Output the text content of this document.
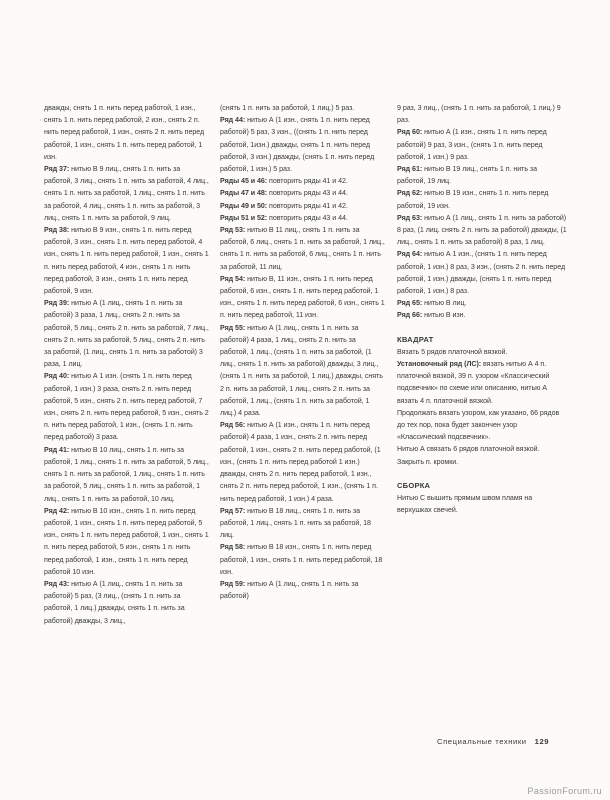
дважды, снять 1 п. нить перед работой, 1 изн., снять 1 п. нить перед работой, 2 изн., снять 2 п. нить перед работой, 1 изн., снять 2 п. нить перед работой, 1 изн., снять 1 п. нить перед работой, 1 изн.

Ряд 37: нитью В 9 лиц., снять 1 п. нить за работой, 3 лиц., снять 1 п. нить за работой, 4 лиц., снять 1 п. нить за работой, 1 лиц., снять 1 п. нить за работой, 4 лиц., снять 1 п. нить за работой, 3 лиц., снять 1 п. нить за работой, 9 лиц.

Ряд 38: нитью В 9 изн., снять 1 п. нить перед работой, 3 изн., снять 1 п. нить перед работой, 4 изн., снять 1 п. нить перед работой, 1 изн., снять 1 п. нить перед работой, 4 изн., снять 1 п. нить перед работой, 3 изн., снять 1 п. нить перед работой, 9 изн.

Ряд 39: нитью А (1 лиц., снять 1 п. нить за работой) 3 раза, 1 лиц., снять 2 п. нить за работой, 5 лиц., снять 2 п. нить за работой, 7 лиц., снять 2 п. нить за работой, 5 лиц., снять 2 п. нить за работой, (1 лиц., снять 1 п. нить за работой) 3 раза, 1 лиц.

Ряд 40: нитью А 1 изн. (снять 1 п. нить перед работой, 1 изн.) 3 раза, снять 2 п. нить перед работой, 5 изн., снять 2 п. нить перед работой, 7 изн., снять 2 п. нить перед работой, 5 изн., снять 2 п. нить перед работой, 1 изн., (снять 1 п. нить перед работой) 3 раза.

Ряд 41: нитью В 10 лиц., снять 1 п. нить за работой, 1 лиц., снять 1 п. нить за работой, 5 лиц., снять 1 п. нить за работой, 1 лиц., снять 1 п. нить за работой, 5 лиц., снять 1 п. нить за работой, 1 лиц., снять 1 п. нить за работой, 10 лиц.

Ряд 42: нитью В 10 изн., снять 1 п. нить перед работой, 1 изн., снять 1 п. нить перед работой, 5 изн., снять 1 п. нить перед работой, 1 изн., снять 1 п. нить перед работой, 5 изн., снять 1 п. нить перед работой, 1 изн., снять 1 п. нить перед работой 10 изн.

Ряд 43: нитью А (1 лиц., снять 1 п. нить за работой) 5 раз, (3 лиц., (снять 1 п. нить за работой, 1 лиц.) дважды, снять 1 п. нить за работой) дважды, 3 лиц.,

(снять 1 п. нить за работой, 1 лиц.) 5 раз.

Ряд 44: нитью А (1 изн., снять 1 п. нить перед работой) 5 раз, 3 изн., ((снять 1 п. нить перед работой, 1изн.) дважды, снять 1 п. нить перед работой, 3 изн.) дважды, (снять 1 п. нить перед работой, 1 изн.) 5 раз.

Ряды 45 и 46: повторить ряды 41 и 42.

Ряды 47 и 48: повторить ряды 43 и 44.

Ряды 49 и 50: повторить ряды 41 и 42.

Ряды 51 и 52: повторить ряды 43 и 44.

Ряд 53: нитью В 11 лиц., снять 1 п. нить за работой, 6 лиц., снять 1 п. нить за работой, 1 лиц., снять 1 п. нить за работой, 6 лиц., снять 1 п. нить за работой, 11 лиц.

Ряд 54: нитью В, 11 изн., снять 1 п. нить перед работой, 6 изн., снять 1 п. нить перед работой, 1 изн., снять 1 п. нить перед работой, 6 изн., снять 1 п. нить перед работой, 11 изн.

Ряд 55: нитью А (1 лиц., снять 1 п. нить за работой) 4 раза, 1 лиц., снять 2 п. нить за работой, 1 лиц., (снять 1 п. нить за работой, (1 лиц., снять 1 п. нить за работой) дважды, 3 лиц., (снять 1 п. нить за работой, 1 лиц.) дважды, снять 2 п. нить за работой, 1 лиц., снять 2 п. нить за работой, 1 лиц., (снять 1 п. нить за работой, 1 лиц.) 4 раза.

Ряд 56: нитью А (1 изн., снять 1 п. нить перед работой) 4 раза, 1 изн., снять 2 п. нить перед работой, 1 изн., снять 2 п. нить перед работой, (1 изн., (снять 1 п. нить перед работой 1 изн.) дважды, снять 2 п. нить перед работой, 1 изн., снять 2 п. нить перед работой, 1 изн., (снять 1 п. нить перед работой, 1 изн.) 4 раза.

Ряд 57: нитью В 18 лиц., снять 1 п. нить за работой, 1 лиц., снять 1 п. нить за работой, 18 лиц.

Ряд 58: нитью В 18 изн., снять 1 п. нить перед работой, 1 изн., снять 1 п. нить перед работой, 18 изн.

Ряд 59: нитью А (1 лиц., снять 1 п. нить за работой)

9 раз, 3 лиц., (снять 1 п. нить за работой, 1 лиц.) 9 раз.

Ряд 60: нитью А (1 изн., снять 1 п. нить перед работой) 9 раз, 3 изн., (снять 1 п. нить перед работой, 1 изн.) 9 раз.

Ряд 61: нитью В 19 лиц., снять 1 п. нить за работой, 19 лиц.

Ряд 62: нитью В 19 изн., снять 1 п. нить перед работой, 19 изн.

Ряд 63: нитью А (1 лиц., снять 1 п. нить за работой) 8 раз, (1 лиц. снять 2 п. нить за работой) дважды, (1 лиц., снять 1 п. нить за работой) 8 раз, 1 лиц.

Ряд 64: нитью А 1 изн., (снять 1 п. нить перед работой, 1 изн.) 8 раз, 3 изн., (снять 2 п. нить перед работой, 1 изн.) дважды, (снять 1 п. нить перед работой, 1 изн.) 8 раз.

Ряд 65: нитью В лиц.

Ряд 66: нитью В изн.

КВАДРАТ

Вязать 5 рядов платочной вязкой.

Установочный ряд (ЛС): вязать нитью А 4 п. платочной вязкой, 39 п. узором «Классический подсвечник» по схеме или описанию, нитью А вязать 4 п. платочной вязкой.

Продолжать вязать узором, как указано, 66 рядов до тех пор, пока будет закончен узор «Классический подсвечник».

Нитью А связать 6 рядов платочной вязкой.

Закрыть п. кромки.

СБОРКА

Нитью С вышить прямым швом пламя на верхушках свечей.

Специальные техники 129
PassionForum.ru
